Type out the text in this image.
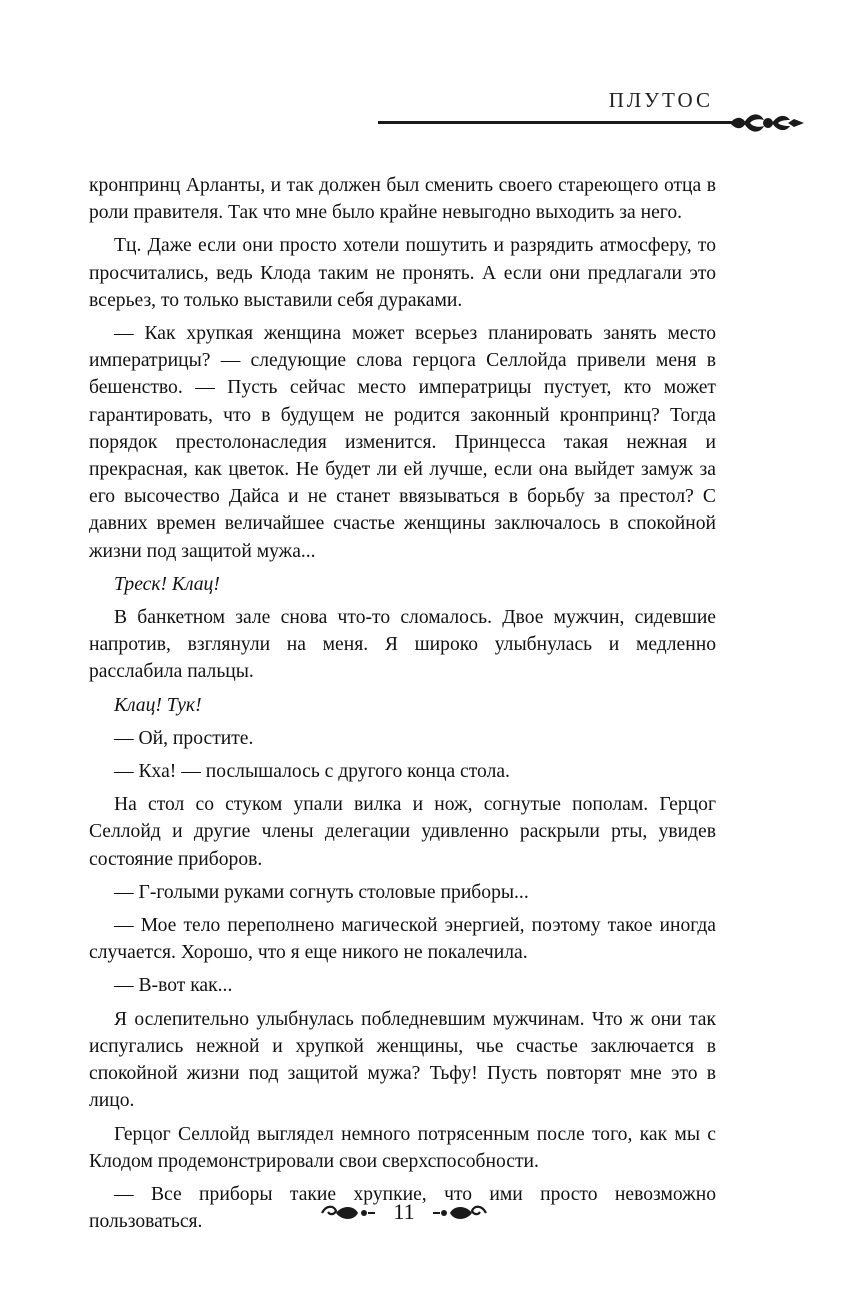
ПЛУТОС

кронпринц Арланты, и так должен был сменить своего стареющего отца в роли правителя. Так что мне было крайне невыгодно выходить за него.

Тц. Даже если они просто хотели пошутить и разрядить атмосферу, то просчитались, ведь Клода таким не пронять. А если они предлагали это всерьез, то только выставили себя дураками.

— Как хрупкая женщина может всерьез планировать занять место императрицы? — следующие слова герцога Селлойда привели меня в бешенство. — Пусть сейчас место императрицы пустует, кто может гарантировать, что в будущем не родится законный кронпринц? Тогда порядок престолонаследия изменится. Принцесса такая нежная и прекрасная, как цветок. Не будет ли ей лучше, если она выйдет замуж за его высочество Дайса и не станет ввязываться в борьбу за престол? С давних времен величайшее счастье женщины заключалось в спокойной жизни под защитой мужа...

Треск! Клац!

В банкетном зале снова что-то сломалось. Двое мужчин, сидевшие напротив, взглянули на меня. Я широко улыбнулась и медленно расслабила пальцы.

Клац! Тук!

— Ой, простите.

— Кха! — послышалось с другого конца стола.

На стол со стуком упали вилка и нож, согнутые пополам. Герцог Селлойд и другие члены делегации удивленно раскрыли рты, увидев состояние приборов.

— Г-голыми руками согнуть столовые приборы...

— Мое тело переполнено магической энергией, поэтому такое иногда случается. Хорошо, что я еще никого не покалечила.

— В-вот как...

Я ослепительно улыбнулась побледневшим мужчинам. Что ж они так испугались нежной и хрупкой женщины, чье счастье заключается в спокойной жизни под защитой мужа? Тьфу! Пусть повторят мне это в лицо.

Герцог Селлойд выглядел немного потрясенным после того, как мы с Клодом продемонстрировали свои сверхспособности.

— Все приборы такие хрупкие, что ими просто невозможно пользоваться.	11
